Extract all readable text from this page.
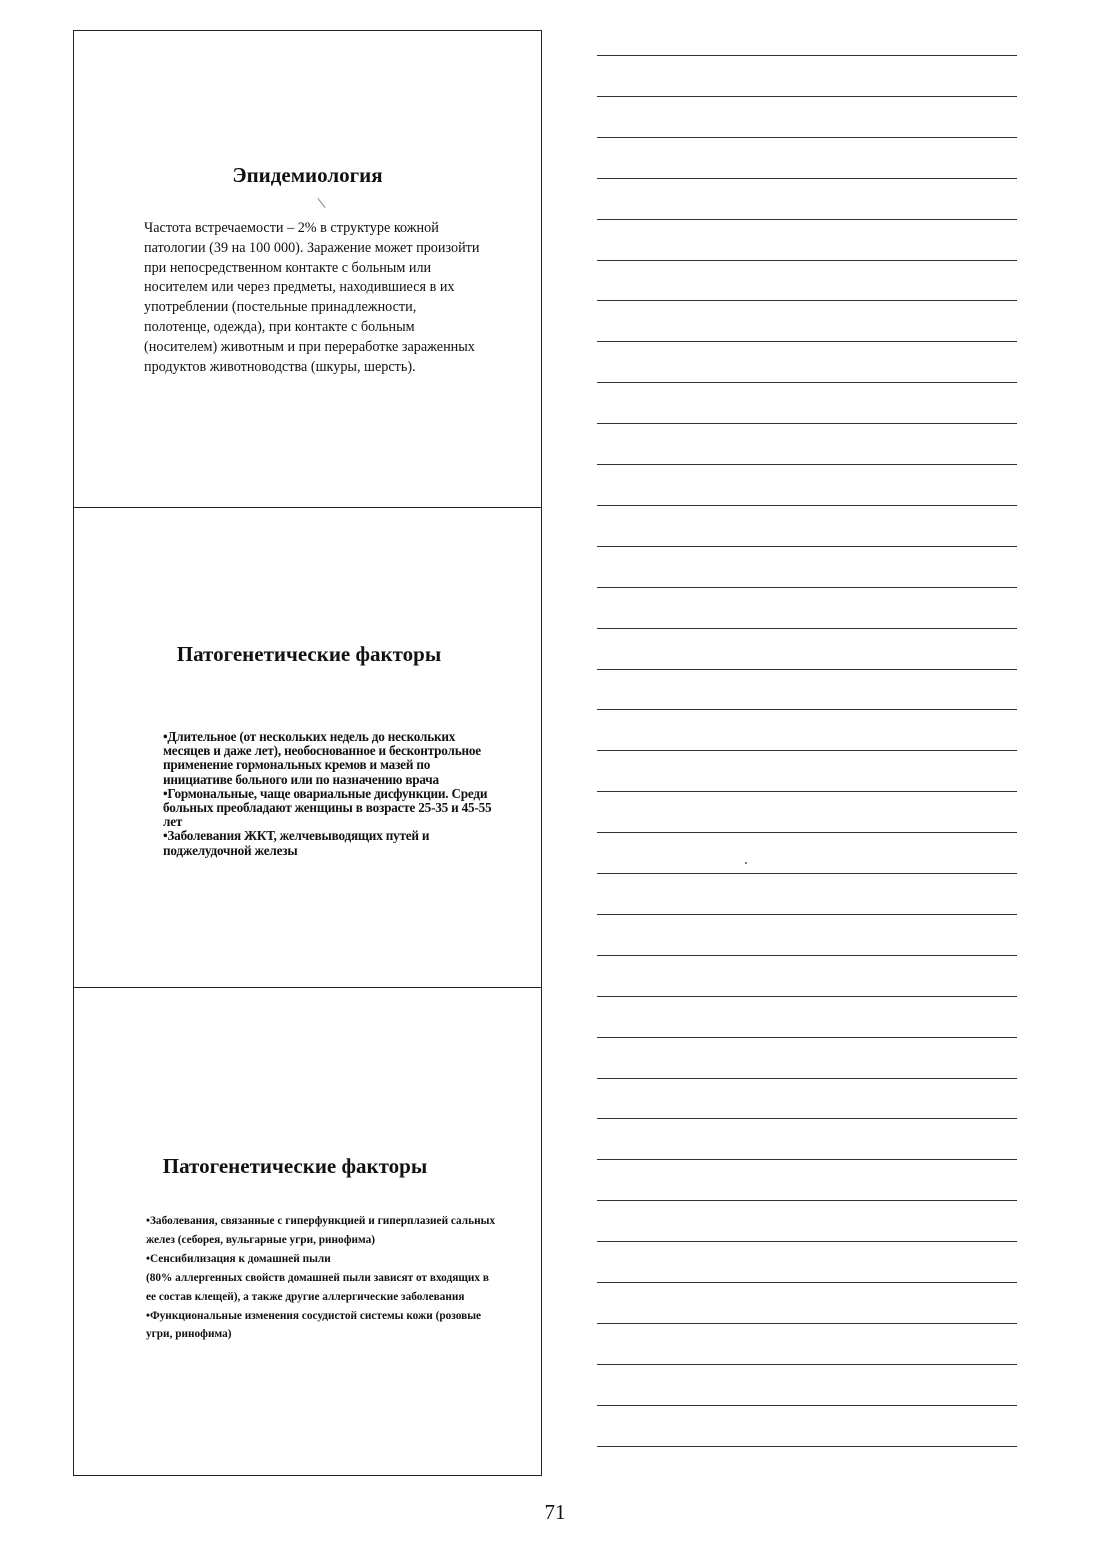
Эпидемиология

Частота встречаемости – 2% в структуре кожной патологии (39 на 100 000). Заражение может произойти при непосредственном контакте с больным или носителем или через предметы, находившиеся в их употреблении (постельные принадлежности, полотенце, одежда), при контакте с больным (носителем) животным и при переработке зараженных продуктов животноводства (шкуры, шерсть).

Патогенетические факторы
•Длительное (от нескольких недель до нескольких месяцев и даже лет), необоснованное и бесконтрольное применение гормональных кремов и мазей по инициативе больного или по назначению врача
•Гормональные, чаще овариальные дисфункции. Среди больных преобладают женщины в возрасте 25-35 и 45-55 лет
•Заболевания ЖКТ, желчевыводящих путей и поджелудочной железы
Патогенетические факторы
•Заболевания, связанные с гиперфункцией и гиперплазией сальных желез (себорея, вульгарные угри, ринофима)
•Сенсибилизация к домашней пыли
(80% аллергенных свойств домашней пыли зависят от входящих в ее состав клещей), а также другие аллергические заболевания
•Функциональные изменения сосудистой системы кожи (розовые угри, ринофима)
71
